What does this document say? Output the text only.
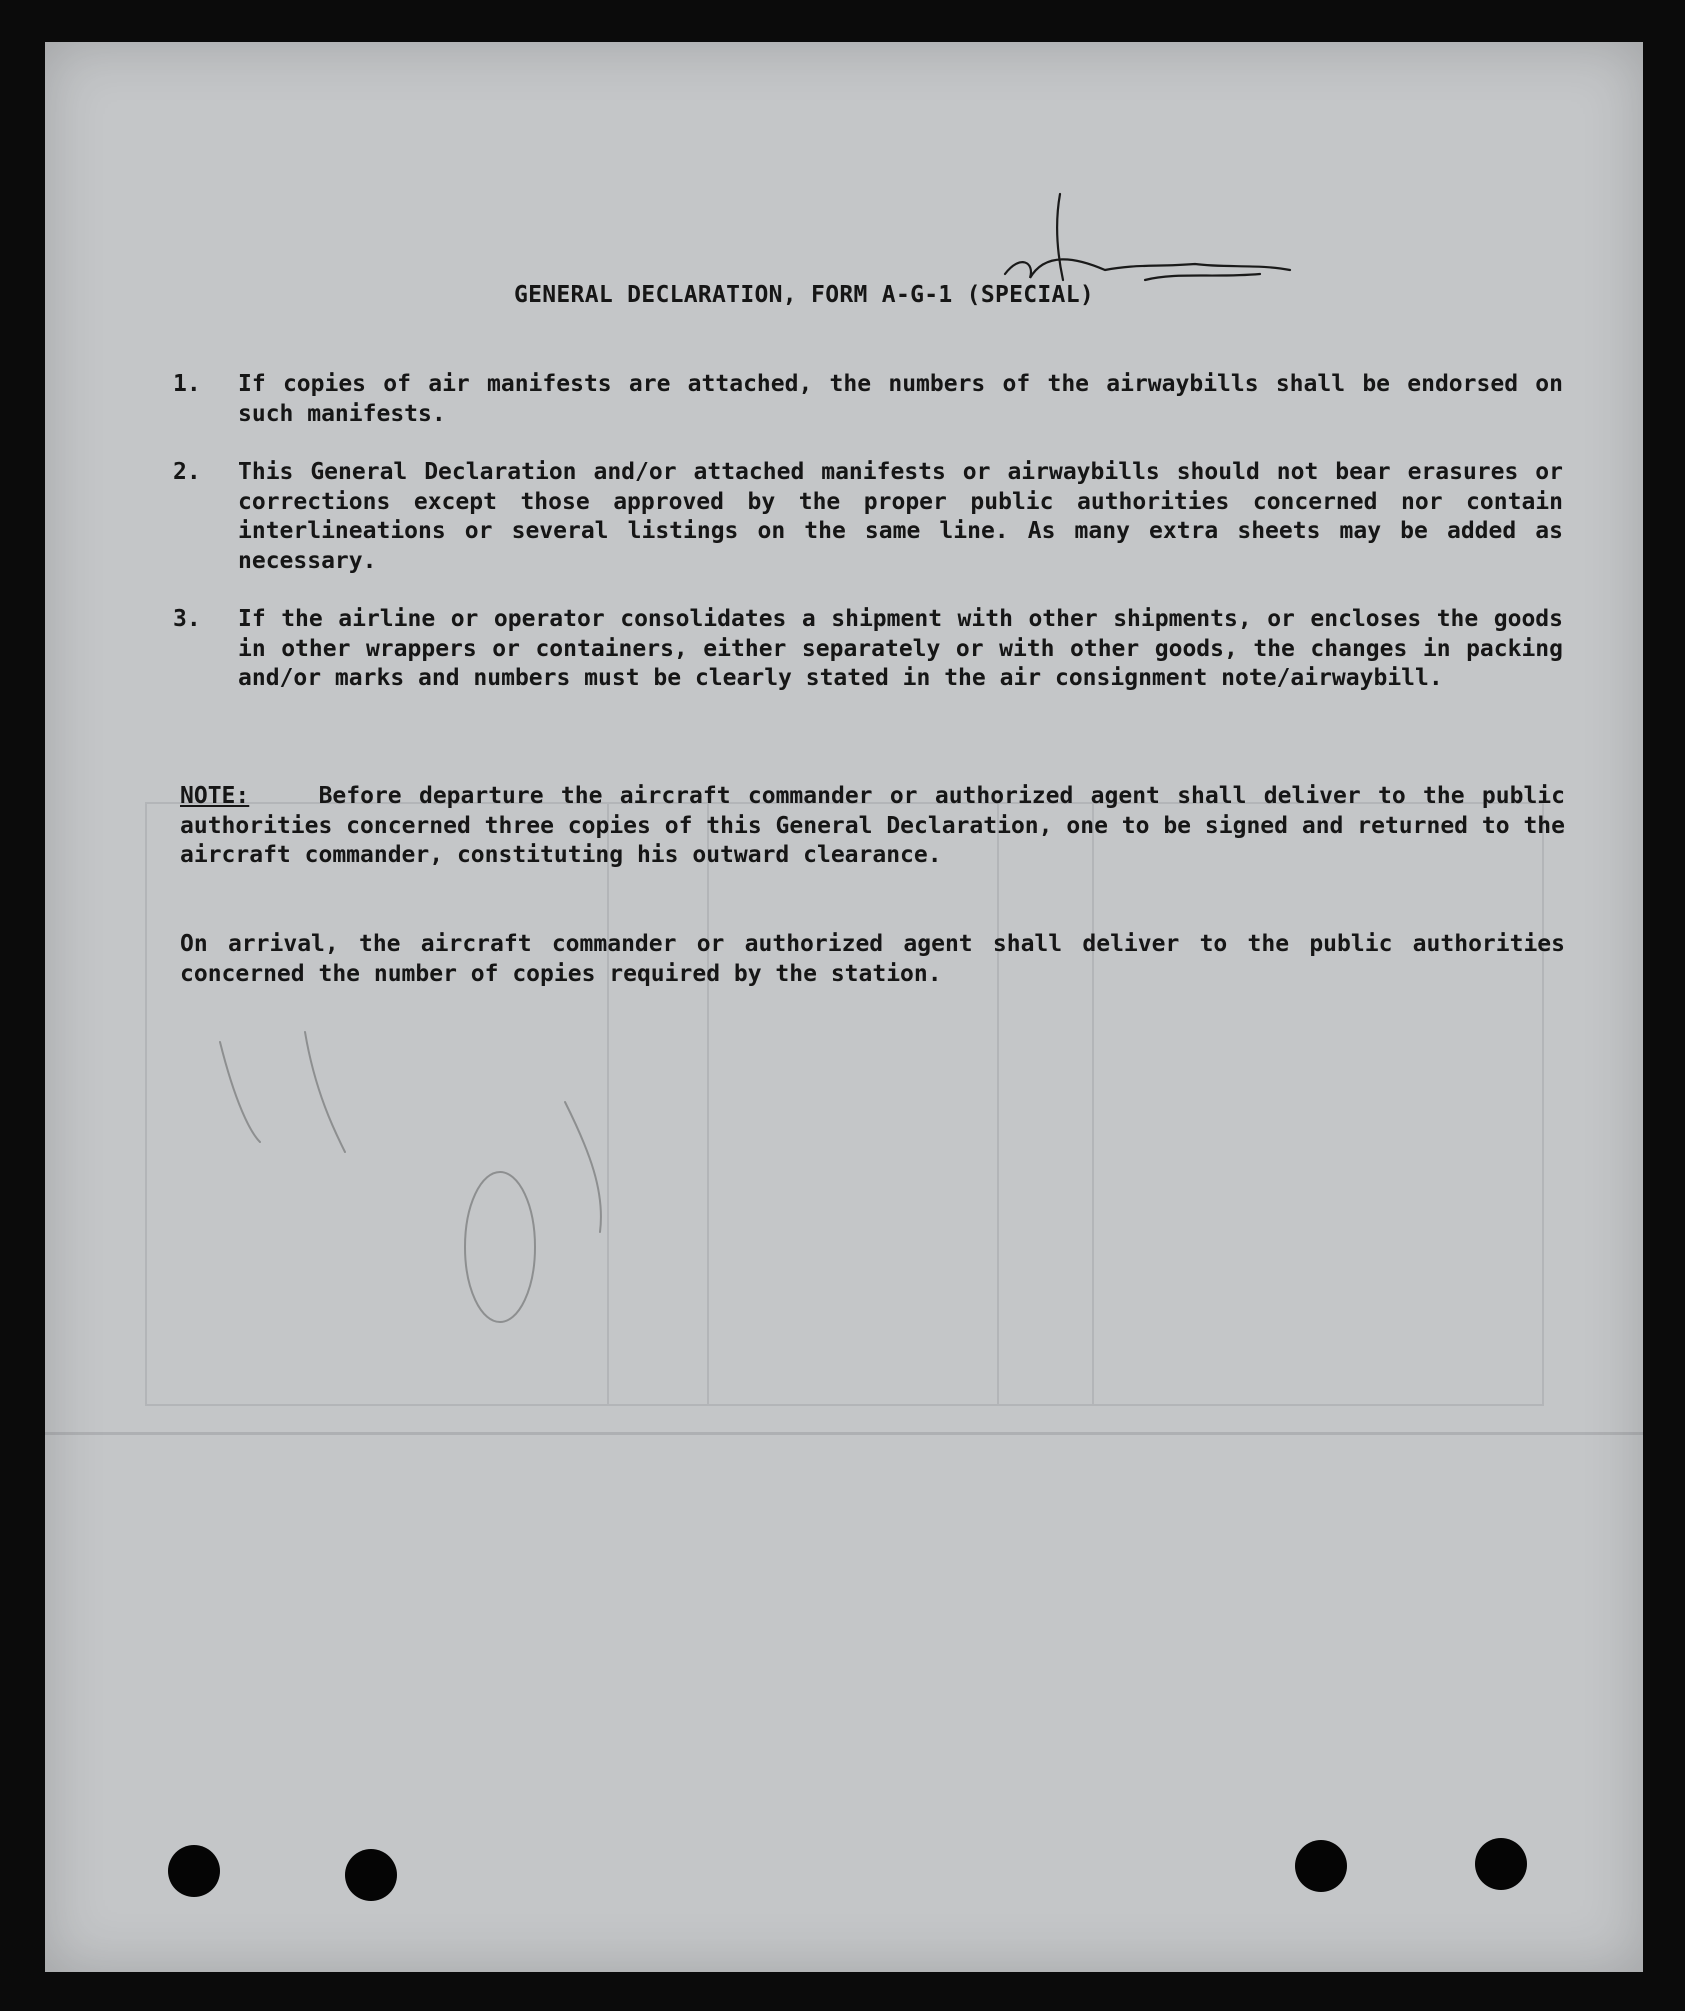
GENERAL DECLARATION, FORM A-G-1 (SPECIAL)
1. If copies of air manifests are attached, the numbers of the airwaybills shall be endorsed on such manifests.
2. This General Declaration and/or attached manifests or airwaybills should not bear erasures or corrections except those approved by the proper public authorities concerned nor contain interlineations or several listings on the same line. As many extra sheets may be added as necessary.
3. If the airline or operator consolidates a shipment with other shipments, or encloses the goods in other wrappers or containers, either separately or with other goods, the changes in packing and/or marks and numbers must be clearly stated in the air consignment note/airwaybill.
NOTE:	Before departure the aircraft commander or authorized agent shall deliver to the public authorities concerned three copies of this General Declaration, one to be signed and returned to the aircraft commander, constituting his outward clearance.
On arrival, the aircraft commander or authorized agent shall deliver to the public authorities concerned the number of copies required by the station.
